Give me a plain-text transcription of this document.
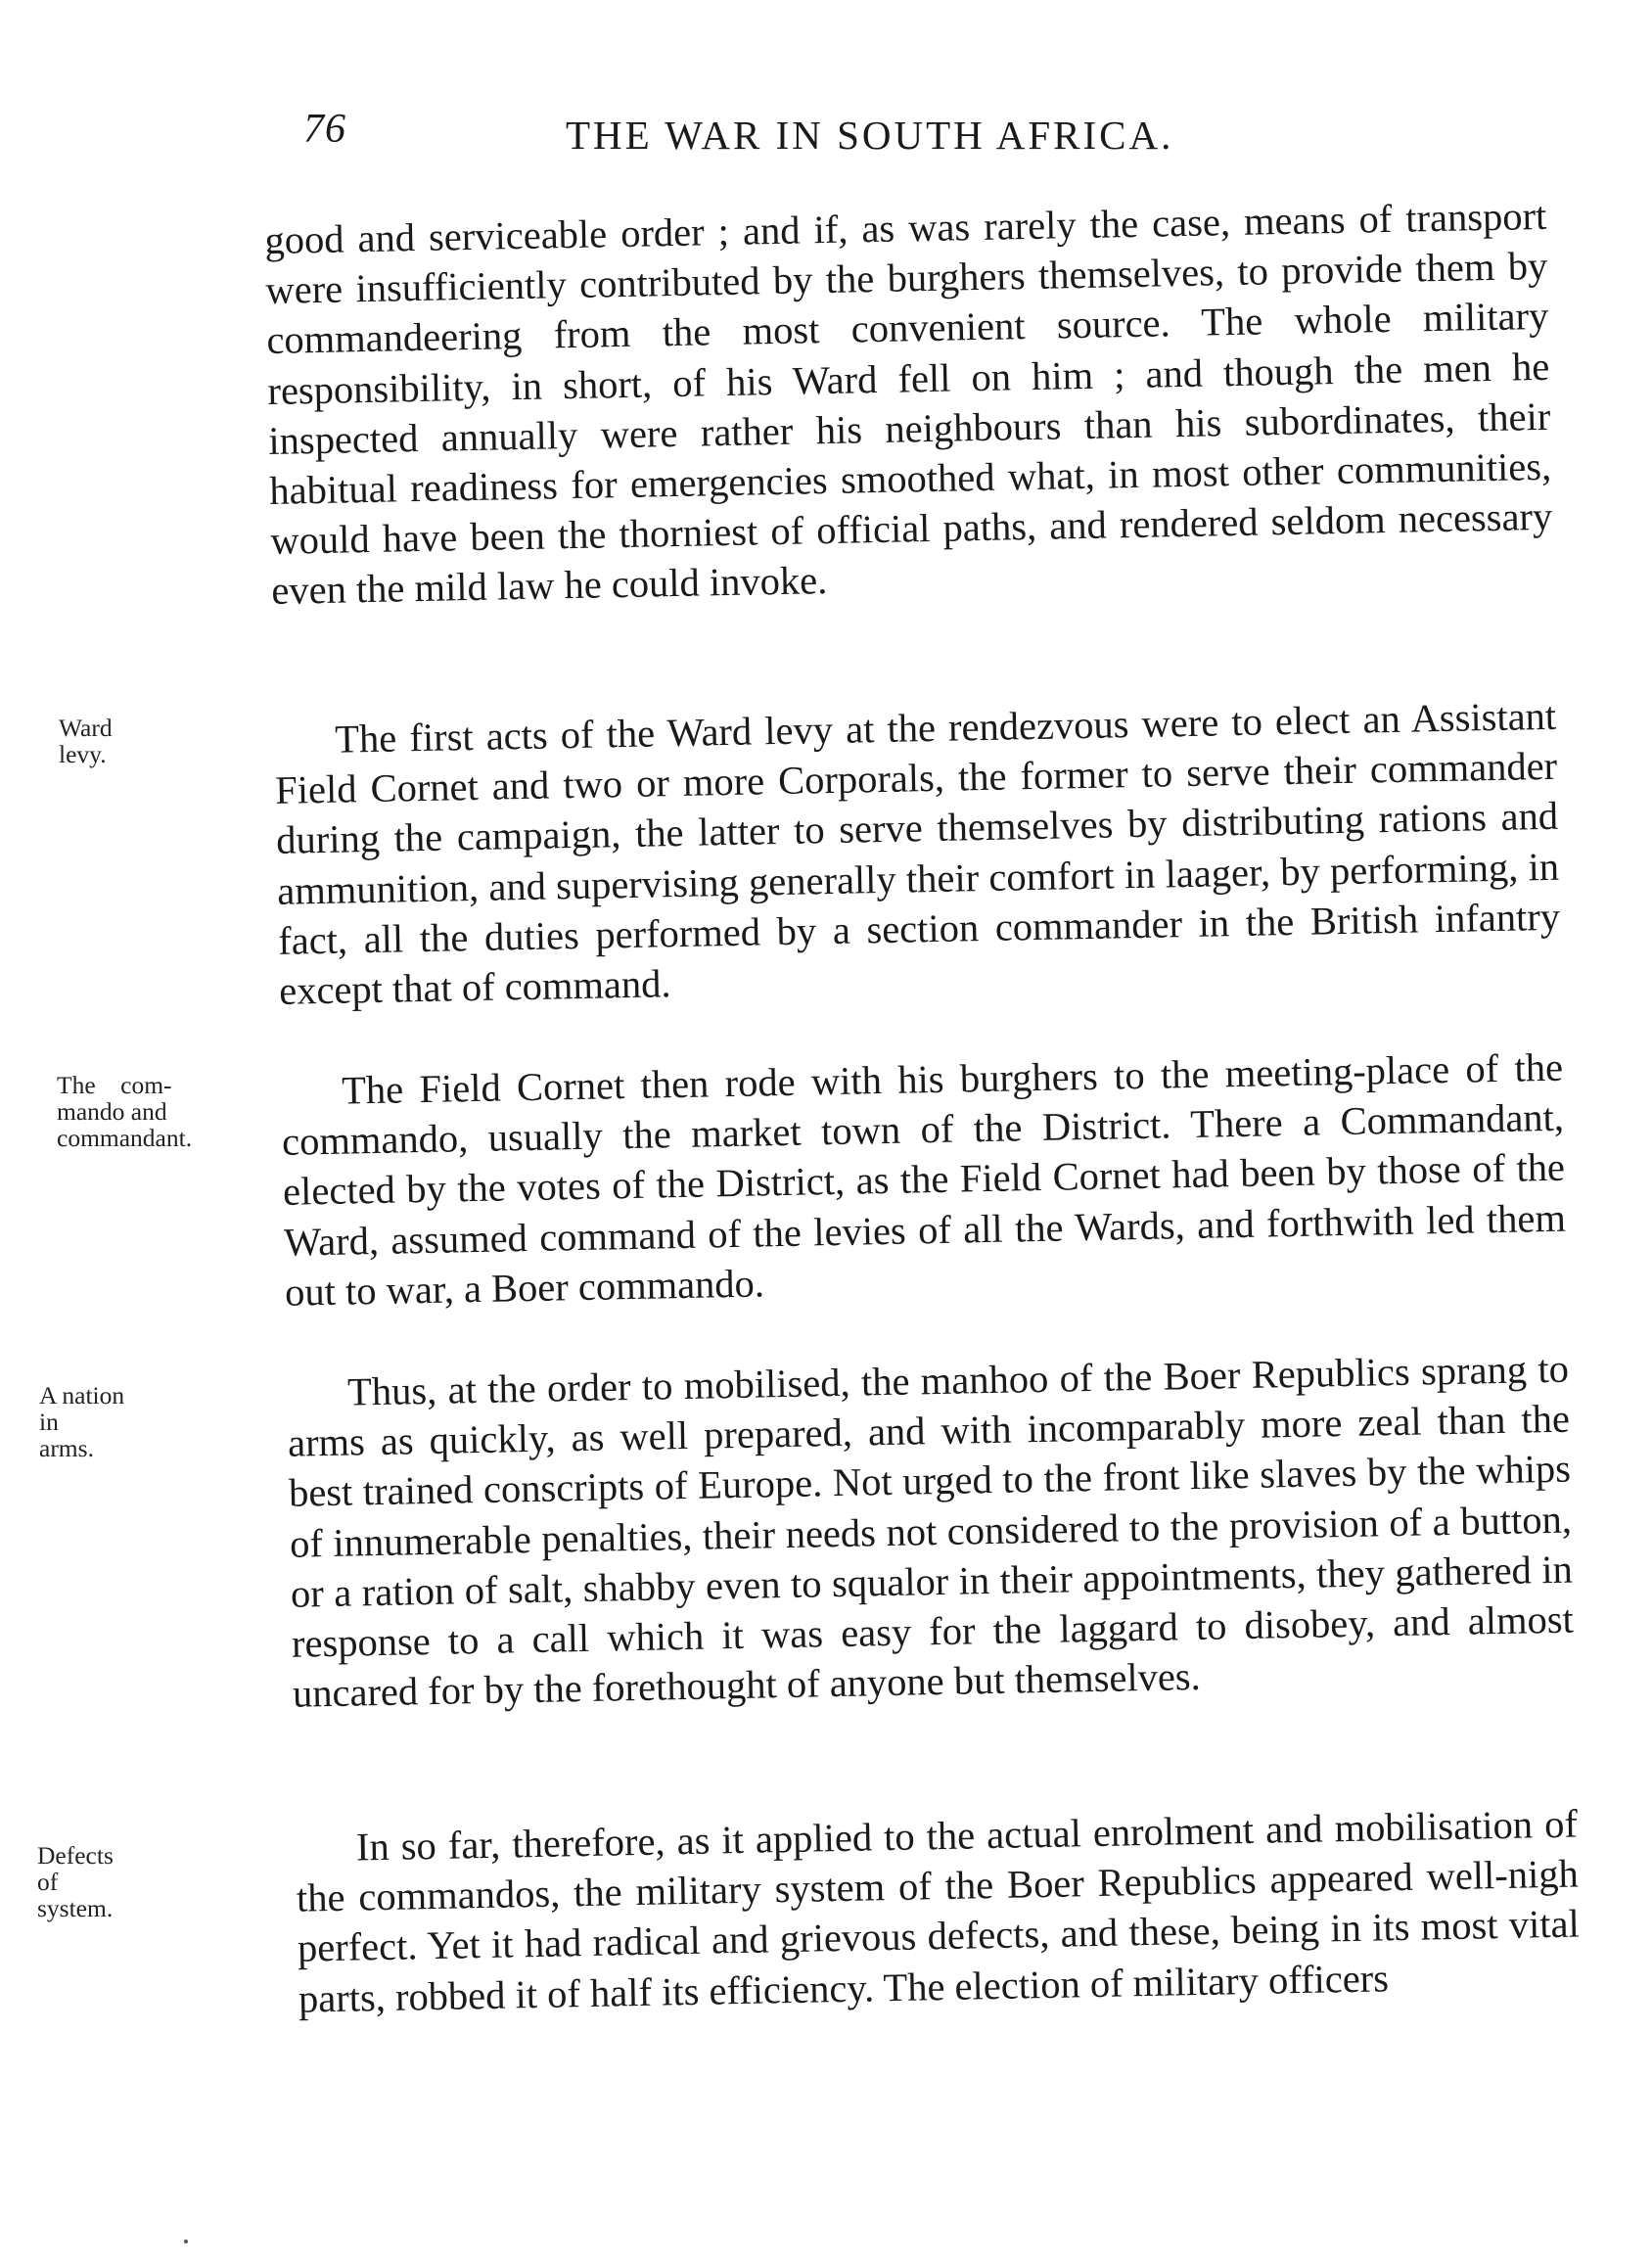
76	THE WAR IN SOUTH AFRICA.

good and serviceable order ; and if, as was rarely the case, means of transport were insufficiently contributed by the burghers themselves, to provide them by commandeering from the most convenient source. The whole military responsibility, in short, of his Ward fell on him ; and though the men he inspected annually were rather his neighbours than his subordinates, their habitual readiness for emergencies smoothed what, in most other communities, would have been the thorniest of official paths, and rendered seldom necessary even the mild law he could invoke.

The first acts of the Ward levy at the rendezvous were to elect an Assistant Field Cornet and two or more Corporals, the former to serve their commander during the campaign, the latter to serve themselves by distributing rations and ammunition, and supervising generally their comfort in laager, by performing, in fact, all the duties performed by a section commander in the British infantry except that of command.

The Field Cornet then rode with his burghers to the meeting-place of the commando, usually the market town of the District. There a Commandant, elected by the votes of the District, as the Field Cornet had been by those of the Ward, assumed command of the levies of all the Wards, and forthwith led them out to war, a Boer commando.

Thus, at the order to mobilised, the manhoo of the Boer Republics sprang to arms as quickly, as well prepared, and with incomparably more zeal than the best trained conscripts of Europe. Not urged to the front like slaves by the whips of innumerable penalties, their needs not considered to the provision of a button, or a ration of salt, shabby even to squalor in their appointments, they gathered in response to a call which it was easy for the laggard to disobey, and almost uncared for by the forethought of anyone but themselves.

In so far, therefore, as it applied to the actual enrolment and mobilisation of the commandos, the military system of the Boer Republics appeared well-nigh perfect. Yet it had radical and grievous defects, and these, being in its most vital parts, robbed it of half its efficiency. The election of military officers

Ward
levy.
The    com-
mando and
commandant.
A nation
in
arms.
Defects
of
system.
